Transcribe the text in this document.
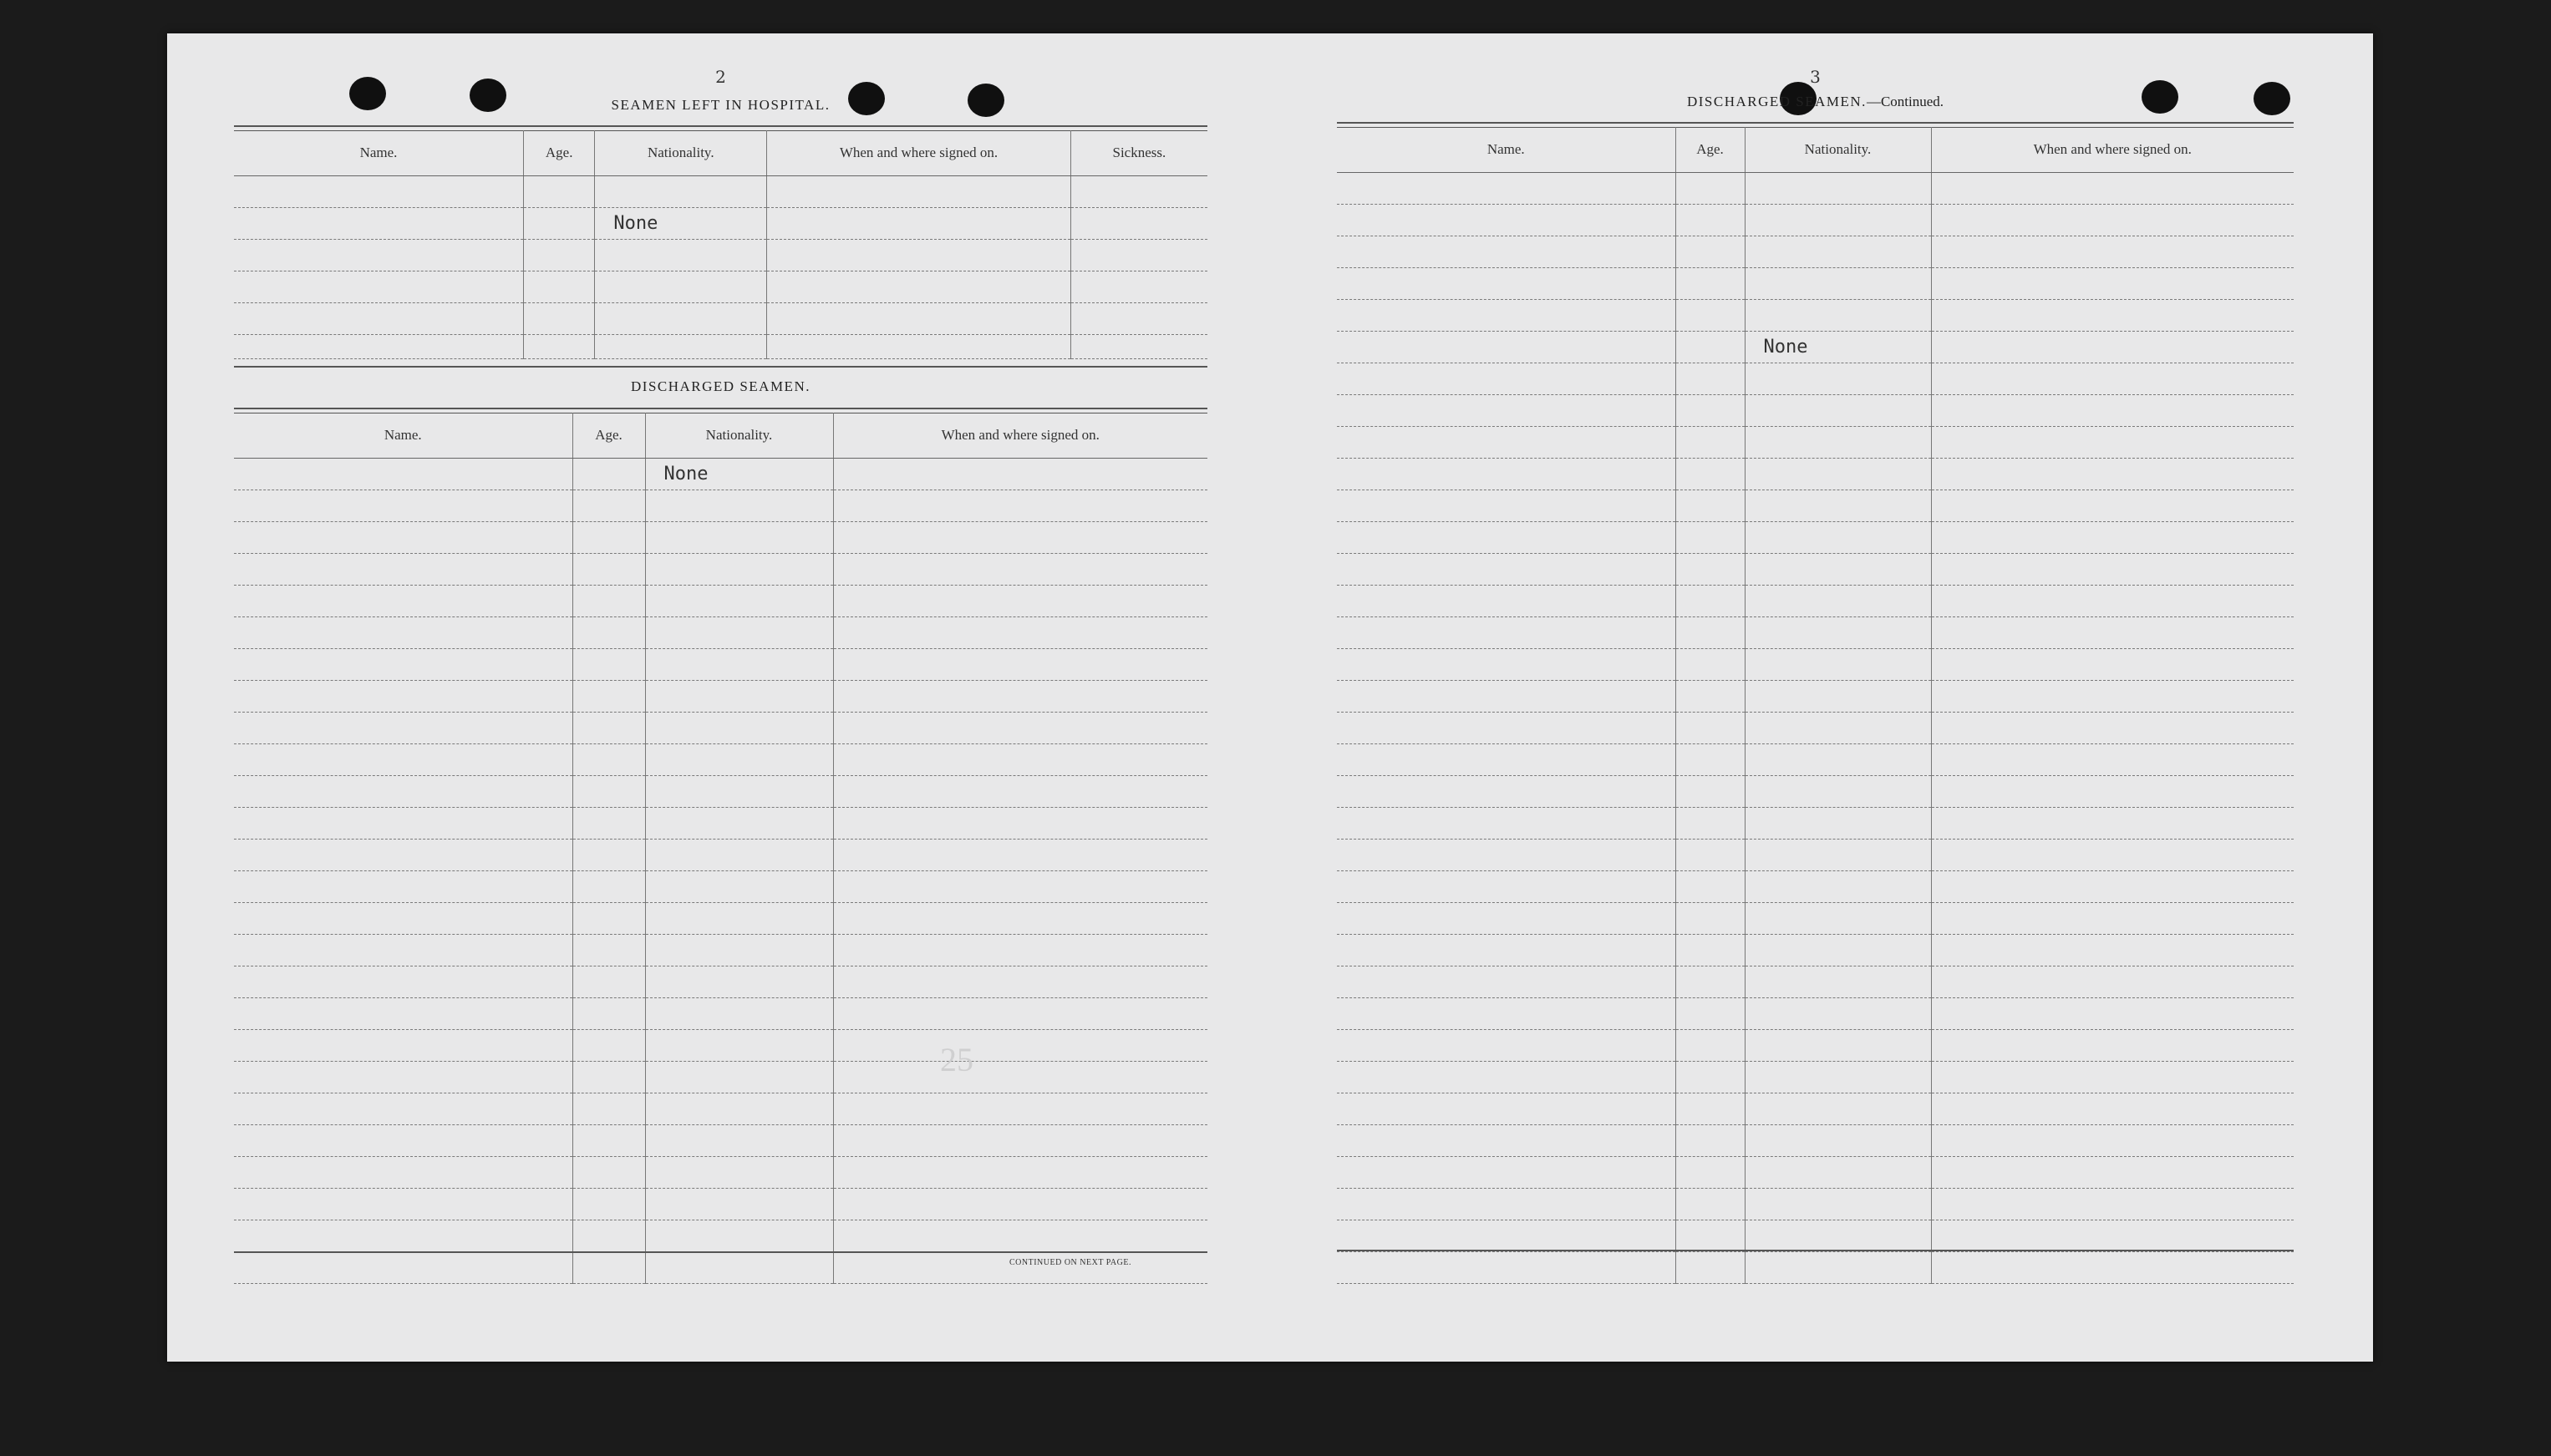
2
SEAMEN LEFT IN HOSPITAL.
Name.	Age.	Nationality.	When and where signed on.	Sickness.

		None		

DISCHARGED SEAMEN.
Name.	Age.	Nationality.	When and where signed on.
		None	

25
CONTINUED ON NEXT PAGE.
3
DISCHARGED SEAMEN.—Continued.
Name.	Age.	Nationality.	When and where signed on.

		None	
